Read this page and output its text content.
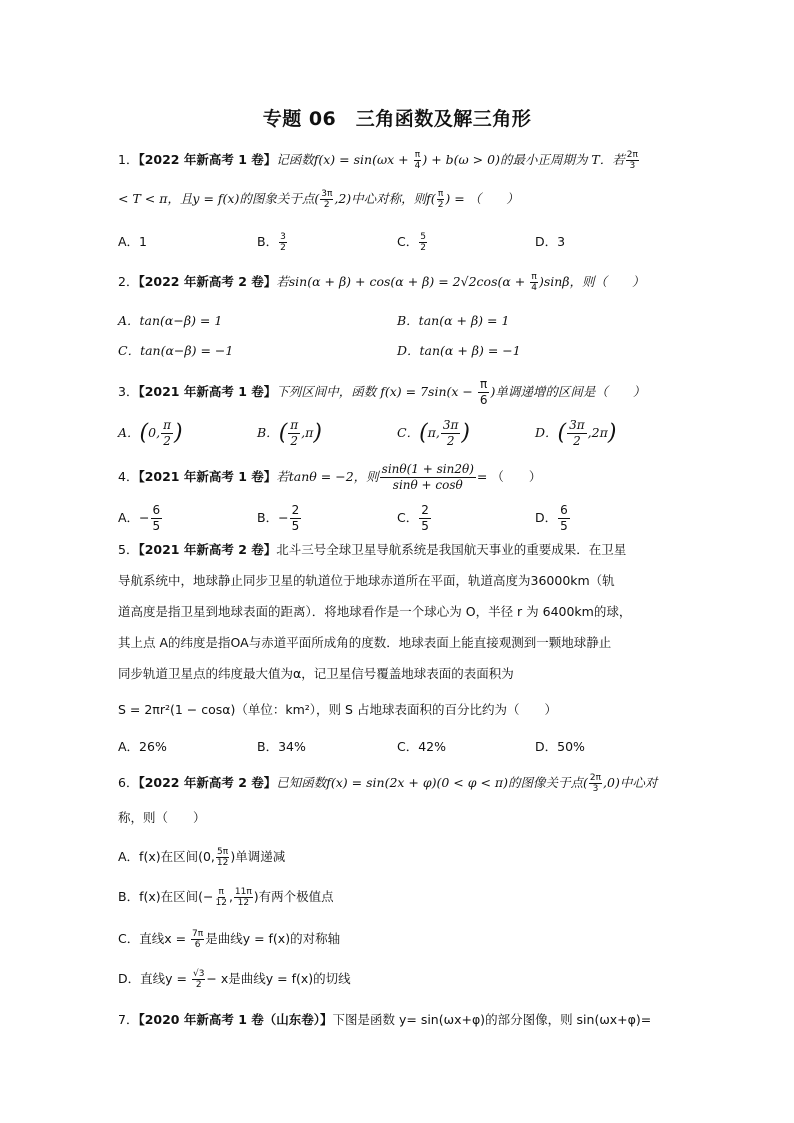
专题 06　三角函数及解三角形
1．【2022 年新高考 1 卷】记函数$f(x) = \sin(\omega x + \frac{\pi}{4}$ ) + b(ω > 0)的最小正周期为 T．若 $\frac{2\pi}{3}$
< T < π，且y = f(x)的图象关于点( $\frac{3\pi}{2} ,2$)中心对称，则$f( \frac{\pi}{2}$ ) = （　　）
A．1	B． $\frac{3}{2}$	C． $\frac{5}{2}$	D．3
2．【2022 年新高考 2 卷】若$\sin(\alpha + \beta) + \cos(\alpha + \beta) = 2√2\cos(\alpha + \frac{\pi}{4} )\sin\beta$，则（　　）
A．tan(α−β) = 1	B．tan(α + β) = 1
C．tan(α−β) = −1	D．tan(α + β) = −1
3．【2021 年新高考 1 卷】下列区间中，函数 $f(x) = 7\sin(x - \frac{\pi}{6}$ )单调递增的区间是（　　）
A．(0, $\frac{\pi}{2}$ )	B．( $\frac{\pi}{2} ,\pi$)	C．(π, $\frac{3\pi}{2}$ )	D．( $\frac{3\pi}{2} ,2\pi$)
4．【2021 年新高考 1 卷】若tanθ = −2，则 $\frac{\sin\theta(1 + \sin 2\theta)}{\sin\theta + \cos\theta}$ = （　　）
A．− $\frac{6}{5}$	B．− $\frac{2}{5}$	C． $\frac{2}{5}$	D． $\frac{6}{5}$
5．【2021 年新高考 2 卷】北斗三号全球卫星导航系统是我国航天事业的重要成果．在卫星
导航系统中，地球静止同步卫星的轨道位于地球赤道所在平面，轨道高度为36000km（轨
道高度是指卫星到地球表面的距离）．将地球看作是一个球心为 O，半径 r 为 6400km的球，
其上点 A的纬度是指OA与赤道平面所成角的度数．地球表面上能直接观测到一颗地球静止
同步轨道卫星点的纬度最大值为α，记卫星信号覆盖地球表面的表面积为
S = 2πr²(1 − cosα)（单位：km²），则 S 占地球表面积的百分比约为（　　）
A．26%	B．34%	C．42%	D．50%
6．【2022 年新高考 2 卷】已知函数f(x) = sin(2x + φ)(0 < φ < π)的图像关于点( $\frac{2\pi}{3} ,0$)中心对
称，则（　　）
A．f(x)在区间(0, $\frac{5\pi}{12}$ )单调递减
B．f(x)在区间(− $\frac{\pi}{12}$ , $\frac{11\pi}{12}$ )有两个极值点
C．直线$x = \frac{7\pi}{6}$ 是曲线y = f(x)的对称轴
D．直线$y = \frac{√3}{2} - x$是曲线y = f(x)的切线
7．【2020 年新高考 1 卷（山东卷）】下图是函数 y= sin(ωx+φ)的部分图像，则 sin(ωx+φ)=
